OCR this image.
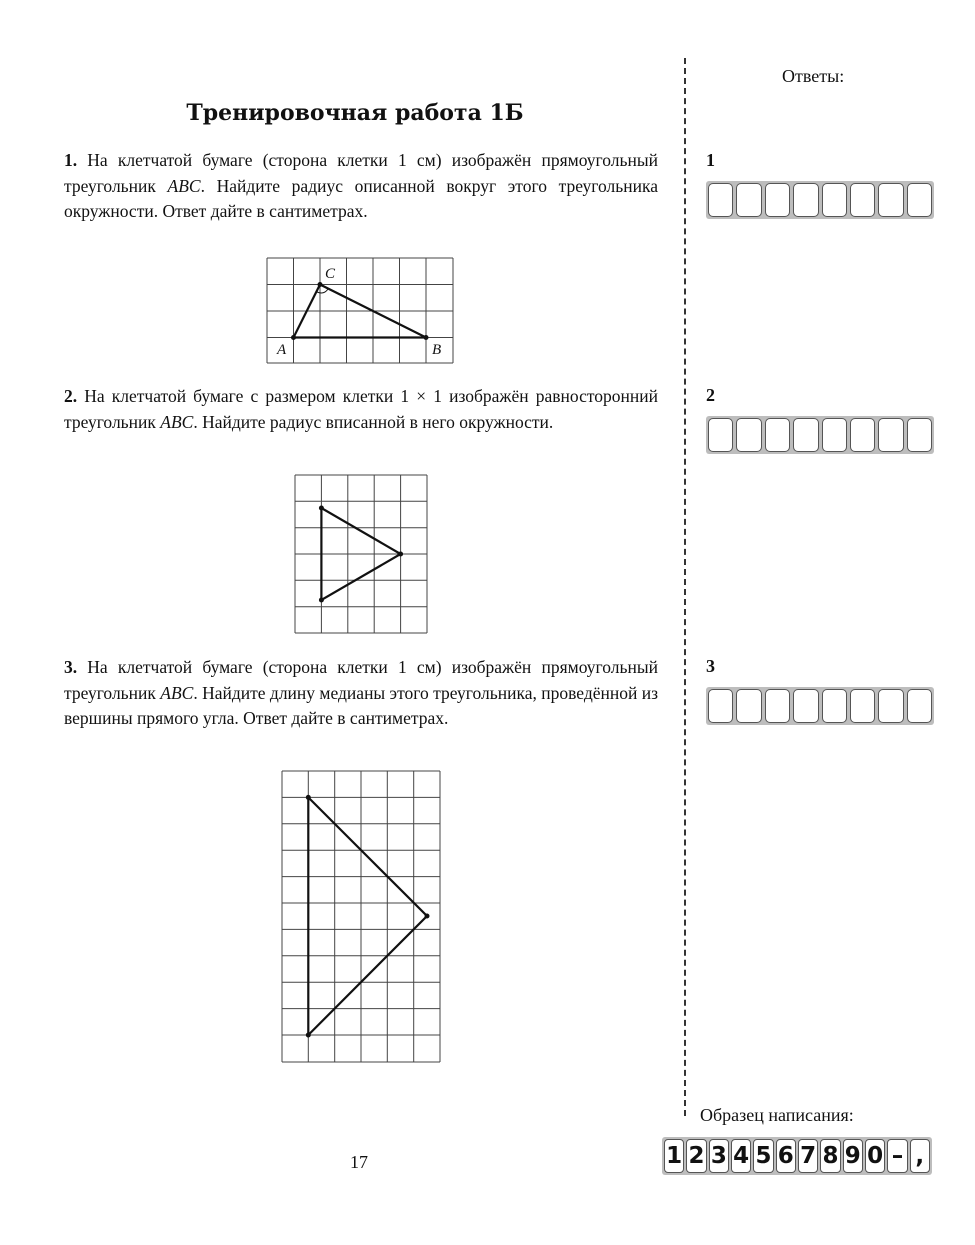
Тренировочная работа 1Б
1. На клетчатой бумаге (сторона клетки 1 см) изображён прямоугольный треугольник ABC. Найдите радиус описанной вокруг этого треугольника окружности. Ответ дайте в сантиметрах.
A	B
C
2. На клетчатой бумаге с размером клетки 1 × 1 изображён равносторонний треугольник ABC. Найдите радиус вписанной в него окружности.
3. На клетчатой бумаге (сторона клетки 1 см) изображён прямоугольный треугольник ABC. Найдите длину медианы этого треугольника, проведённой из вершины прямого угла. Ответ дайте в сантиметрах.
Ответы:
1
2
3
Образец написания:
1 2 3 4 5 6 7 8 9 0 – ,
17
